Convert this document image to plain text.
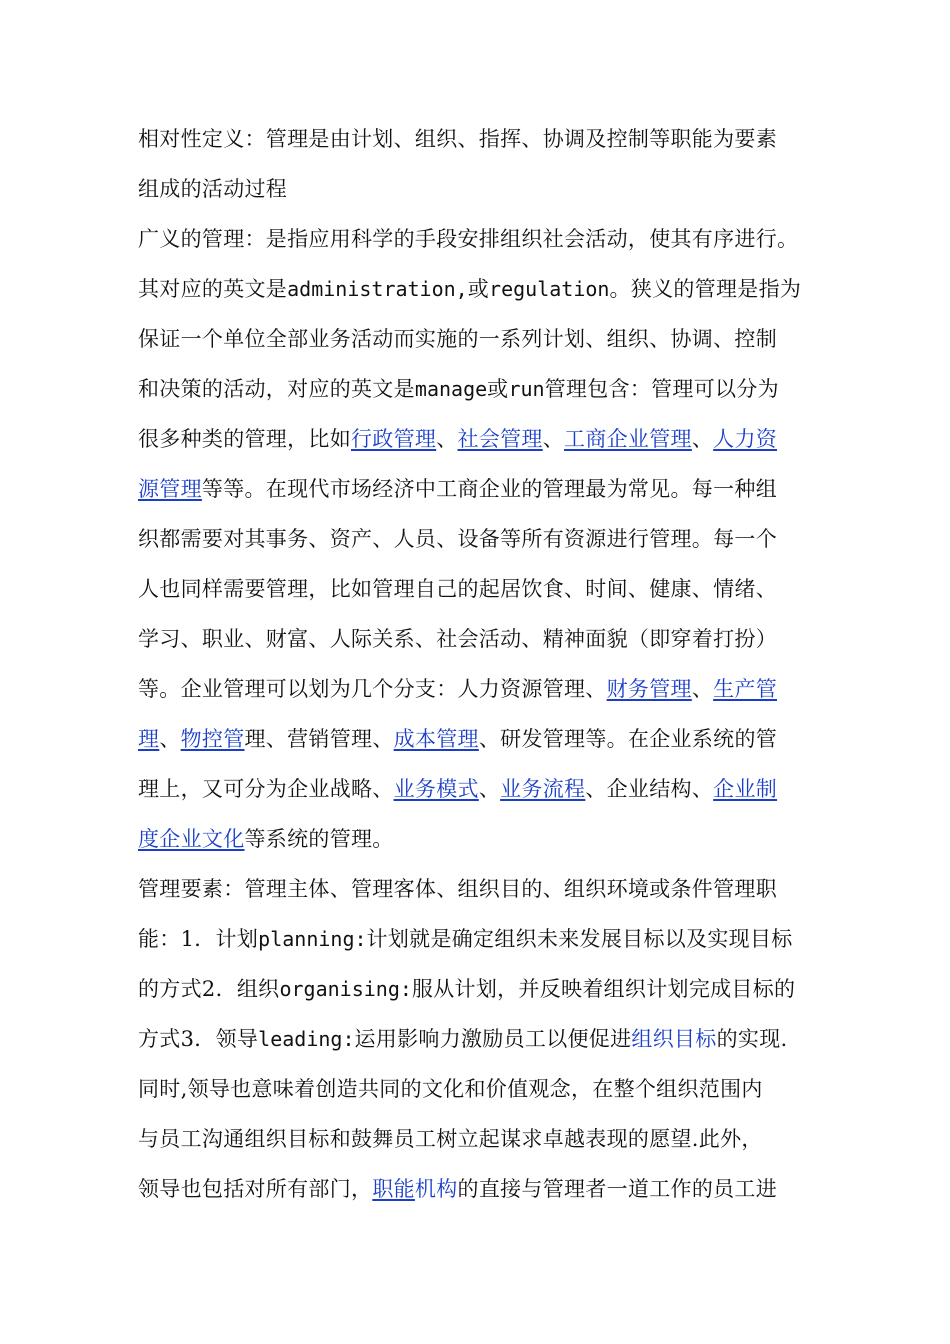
相对性定义：管理是由计划、组织、指挥、协调及控制等职能为要素
组成的活动过程
广义的管理：是指应用科学的手段安排组织社会活动，使其有序进行。
其对应的英文是administration,或regulation。狭义的管理是指为
保证一个单位全部业务活动而实施的一系列计划、组织、协调、控制
和决策的活动，对应的英文是manage或run管理包含：管理可以分为
很多种类的管理，比如行政管理、社会管理、工商企业管理、人力资
源管理等等。在现代市场经济中工商企业的管理最为常见。每一种组
织都需要对其事务、资产、人员、设备等所有资源进行管理。每一个
人也同样需要管理，比如管理自己的起居饮食、时间、健康、情绪、
学习、职业、财富、人际关系、社会活动、精神面貌（即穿着打扮）
等。企业管理可以划为几个分支：人力资源管理、财务管理、生产管
理、物控管理、营销管理、成本管理、研发管理等。在企业系统的管
理上，又可分为企业战略、业务模式、业务流程、企业结构、企业制
度企业文化等系统的管理。
管理要素：管理主体、管理客体、组织目的、组织环境或条件管理职
能：1．计划planning:计划就是确定组织未来发展目标以及实现目标
的方式2．组织organising:服从计划，并反映着组织计划完成目标的
方式3．领导leading:运用影响力激励员工以便促进组织目标的实现.
同时,领导也意味着创造共同的文化和价值观念，在整个组织范围内
与员工沟通组织目标和鼓舞员工树立起谋求卓越表现的愿望.此外，
领导也包括对所有部门，职能机构的直接与管理者一道工作的员工进
